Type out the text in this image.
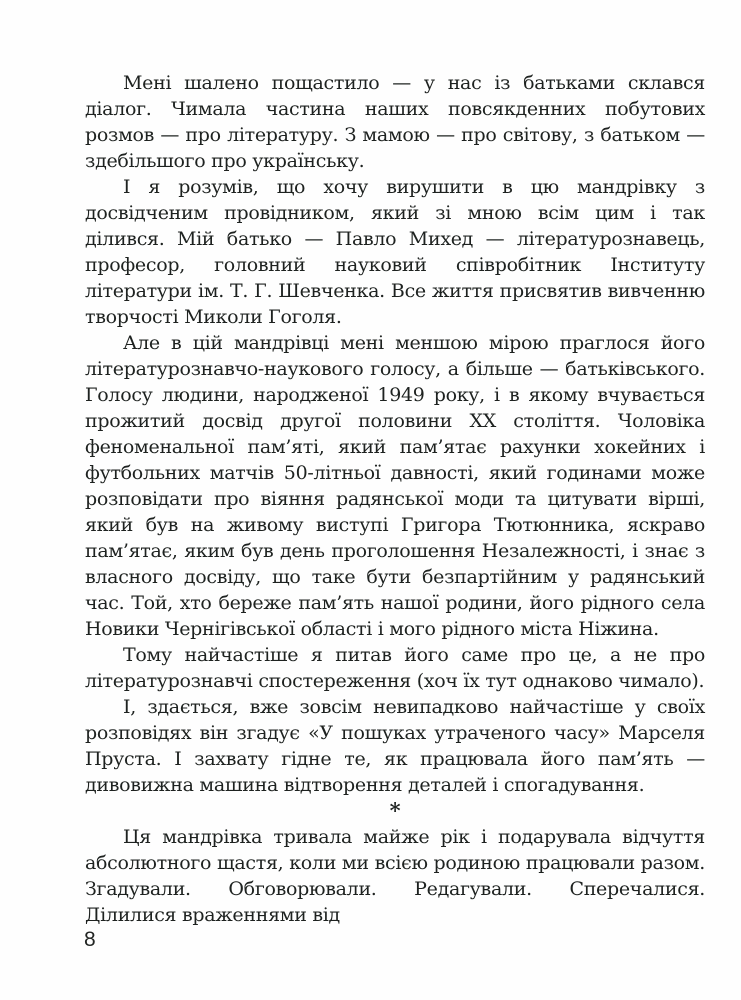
Мені шалено пощастило — у нас із батьками склався діалог. Чимала частина наших повсякденних побутових розмов — про літературу. З мамою — про світову, з батьком — здебільшого про українську.

І я розумів, що хочу вирушити в цю мандрівку з досвідченим провідником, який зі мною всім цим і так ділився. Мій батько — Павло Михед — літературознавець, професор, головний науковий співробітник Інституту літератури ім. Т. Г. Шевченка. Все життя присвятив вивченню творчості Миколи Гоголя.

Але в цій мандрівці мені меншою мірою праглося його літературознавчо-наукового голосу, а більше — батьківського. Голосу людини, народженої 1949 року, і в якому вчувається прожитий досвід другої половини XX століття. Чоловіка феноменальної пам’яті, який пам’ятає рахунки хокейних і футбольних матчів 50-літньої давності, який годинами може розповідати про віяння радянської моди та цитувати вірші, який був на живому виступі Григора Тютюнника, яскраво пам’ятає, яким був день проголошення Незалежності, і знає з власного досвіду, що таке бути безпартійним у радянський час. Той, хто береже пам’ять нашої родини, його рідного села Новики Чернігівської області і мого рідного міста Ніжина.

Тому найчастіше я питав його саме про це, а не про літературознавчі спостереження (хоч їх тут однаково чимало).

І, здається, вже зовсім невипадково найчастіше у своїх розповідях він згадує «У пошуках утраченого часу» Марселя Пруста. І захвату гідне те, як працювала його пам’ять — дивовижна машина відтворення деталей і спогадування.

*

Ця мандрівка тривала майже рік і подарувала відчуття абсолютного щастя, коли ми всією родиною працювали разом. Згадували. Обговорювали. Редагували. Сперечалися. Ділилися враженнями від

8
